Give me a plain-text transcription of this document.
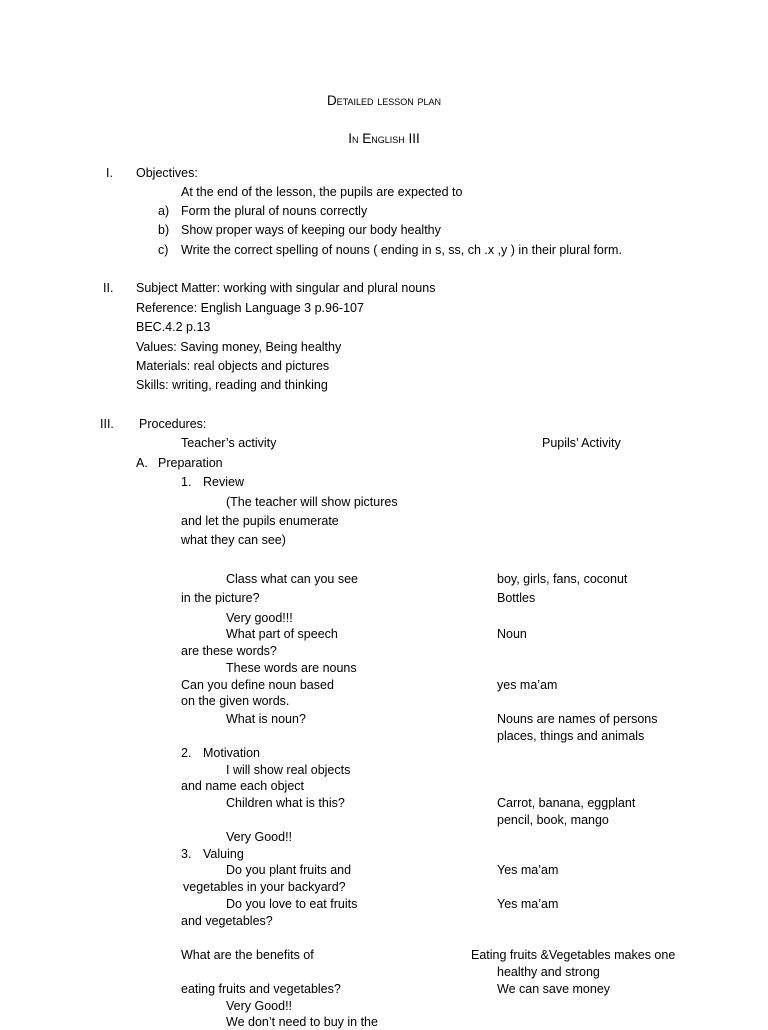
Detailed lesson plan
In English III
I. Objectives:
At the end of the lesson, the pupils are expected to
a) Form the plural of nouns correctly
b) Show proper ways of keeping our body healthy
c) Write the correct spelling of nouns ( ending in s, ss, ch .x ,y ) in their plural form.
II. Subject Matter: working with singular and plural nouns
Reference: English Language 3 p.96-107
BEC.4.2 p.13
Values: Saving money, Being healthy
Materials: real objects and pictures
Skills: writing, reading and thinking
III. Procedures:
Teacher’s activity	Pupils’ Activity
A. Preparation
1. Review
(The teacher will show pictures
and let the pupils enumerate
what they can see)
Class what can you see
in the picture?
Very good!!!
What part of speech
are these words?
These words are nouns
Can you define noun based
on the given words.
What is noun?
boy, girls, fans, coconut
Bottles
Noun
yes ma’am
Nouns are names of persons
places, things and animals
2. Motivation
I will show real objects
and name each object
Children what is this?
Very Good!!
Carrot, banana, eggplant
pencil, book, mango
3. Valuing
Do you plant fruits and
vegetables in your backyard?
Do you love to eat fruits
and vegetables?
What are the benefits of
eating fruits and vegetables?
Very Good!!
We don’t need to buy in the
Yes ma’am
Yes ma’am
Eating fruits &Vegetables makes one
healthy and strong
We can save money
